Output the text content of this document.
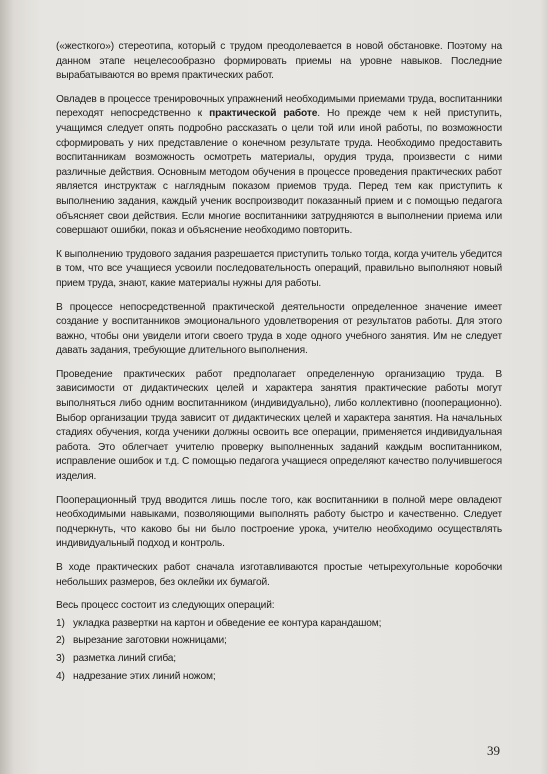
(«жесткого») стереотипа, который с трудом преодолевается в новой обстановке. Поэтому на данном этапе нецелесообразно формировать приемы на уровне навыков. Последние вырабатываются во время практических работ.

Овладев в процессе тренировочных упражнений необходимыми приемами труда, воспитанники переходят непосредственно к практической работе. Но прежде чем к ней приступить, учащимся следует опять подробно рассказать о цели той или иной работы, по возможности сформировать у них представление о конечном результате труда. Необходимо предоставить воспитанникам возможность осмотреть материалы, орудия труда, произвести с ними различные действия. Основным методом обучения в процессе проведения практических работ является инструктаж с наглядным показом приемов труда. Перед тем как приступить к выполнению задания, каждый ученик воспроизводит показанный прием и с помощью педагога объясняет свои действия. Если многие воспитанники затрудняются в выполнении приема или совершают ошибки, показ и объяснение необходимо повторить.

К выполнению трудового задания разрешается приступить только тогда, когда учитель убедится в том, что все учащиеся усвоили последовательность операций, правильно выполняют новый прием труда, знают, какие материалы нужны для работы.

В процессе непосредственной практической деятельности определенное значение имеет создание у воспитанников эмоционального удовлетворения от результатов работы. Для этого важно, чтобы они увидели итоги своего труда в ходе одного учебного занятия. Им не следует давать задания, требующие длительного выполнения.

Проведение практических работ предполагает определенную организацию труда. В зависимости от дидактических целей и характера занятия практические работы могут выполняться либо одним воспитанником (индивидуально), либо коллективно (пооперационно). Выбор организации труда зависит от дидактических целей и характера занятия. На начальных стадиях обучения, когда ученики должны освоить все операции, применяется индивидуальная работа. Это облегчает учителю проверку выполненных заданий каждым воспитанником, исправление ошибок и т.д. С помощью педагога учащиеся определяют качество получившегося изделия.

Пооперационный труд вводится лишь после того, как воспитанники в полной мере овладеют необходимыми навыками, позволяющими выполнять работу быстро и качественно. Следует подчеркнуть, что каково бы ни было построение урока, учителю необходимо осуществлять индивидуальный подход и контроль.

В ходе практических работ сначала изготавливаются простые четырехугольные коробочки небольших размеров, без оклейки их бумагой.

Весь процесс состоит из следующих операций:

1) укладка развертки на картон и обведение ее контура карандашом;
2) вырезание заготовки ножницами;
3) разметка линий сгиба;
4) надрезание этих линий ножом;
39
